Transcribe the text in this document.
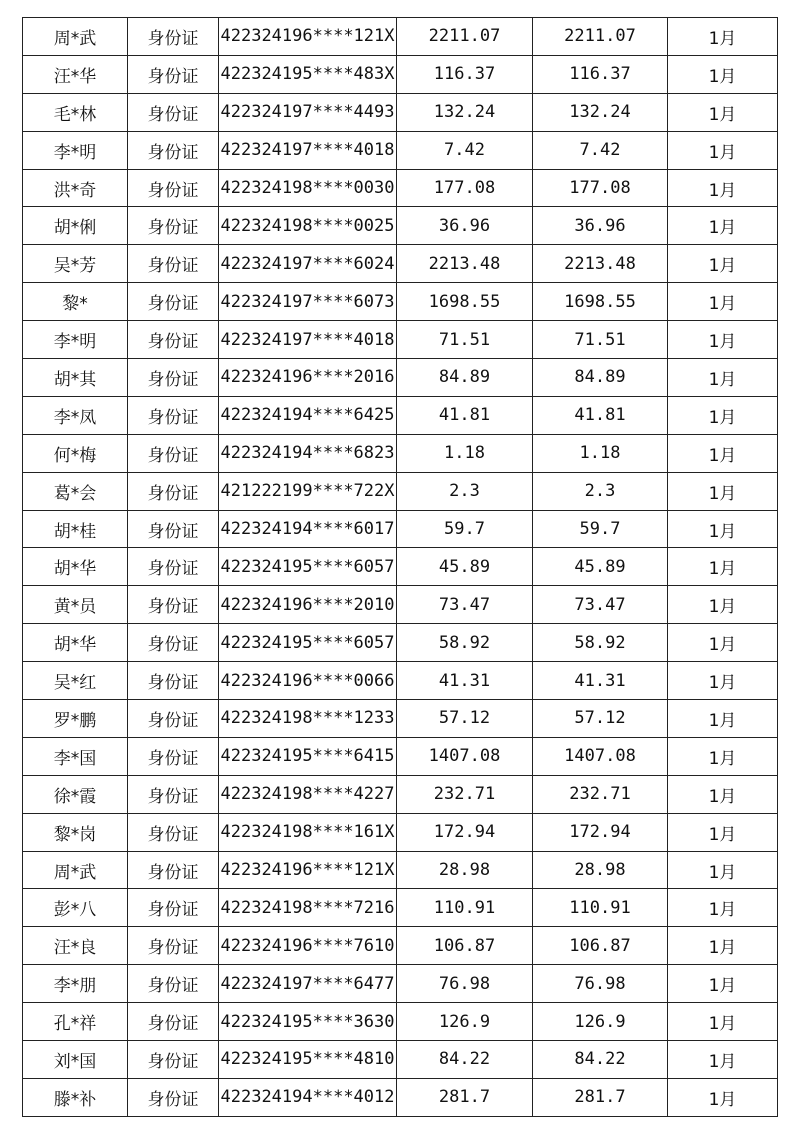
周*武	身份证	422324196****121X	2211.07	2211.07	1月
汪*华	身份证	422324195****483X	116.37	116.37	1月
毛*林	身份证	422324197****4493	132.24	132.24	1月
李*明	身份证	422324197****4018	7.42	7.42	1月
洪*奇	身份证	422324198****0030	177.08	177.08	1月
胡*俐	身份证	422324198****0025	36.96	36.96	1月
吴*芳	身份证	422324197****6024	2213.48	2213.48	1月
黎*	身份证	422324197****6073	1698.55	1698.55	1月
李*明	身份证	422324197****4018	71.51	71.51	1月
胡*其	身份证	422324196****2016	84.89	84.89	1月
李*凤	身份证	422324194****6425	41.81	41.81	1月
何*梅	身份证	422324194****6823	1.18	1.18	1月
葛*会	身份证	421222199****722X	2.3	2.3	1月
胡*桂	身份证	422324194****6017	59.7	59.7	1月
胡*华	身份证	422324195****6057	45.89	45.89	1月
黄*员	身份证	422324196****2010	73.47	73.47	1月
胡*华	身份证	422324195****6057	58.92	58.92	1月
吴*红	身份证	422324196****0066	41.31	41.31	1月
罗*鹏	身份证	422324198****1233	57.12	57.12	1月
李*国	身份证	422324195****6415	1407.08	1407.08	1月
徐*霞	身份证	422324198****4227	232.71	232.71	1月
黎*岗	身份证	422324198****161X	172.94	172.94	1月
周*武	身份证	422324196****121X	28.98	28.98	1月
彭*八	身份证	422324198****7216	110.91	110.91	1月
汪*良	身份证	422324196****7610	106.87	106.87	1月
李*朋	身份证	422324197****6477	76.98	76.98	1月
孔*祥	身份证	422324195****3630	126.9	126.9	1月
刘*国	身份证	422324195****4810	84.22	84.22	1月
滕*补	身份证	422324194****4012	281.7	281.7	1月
